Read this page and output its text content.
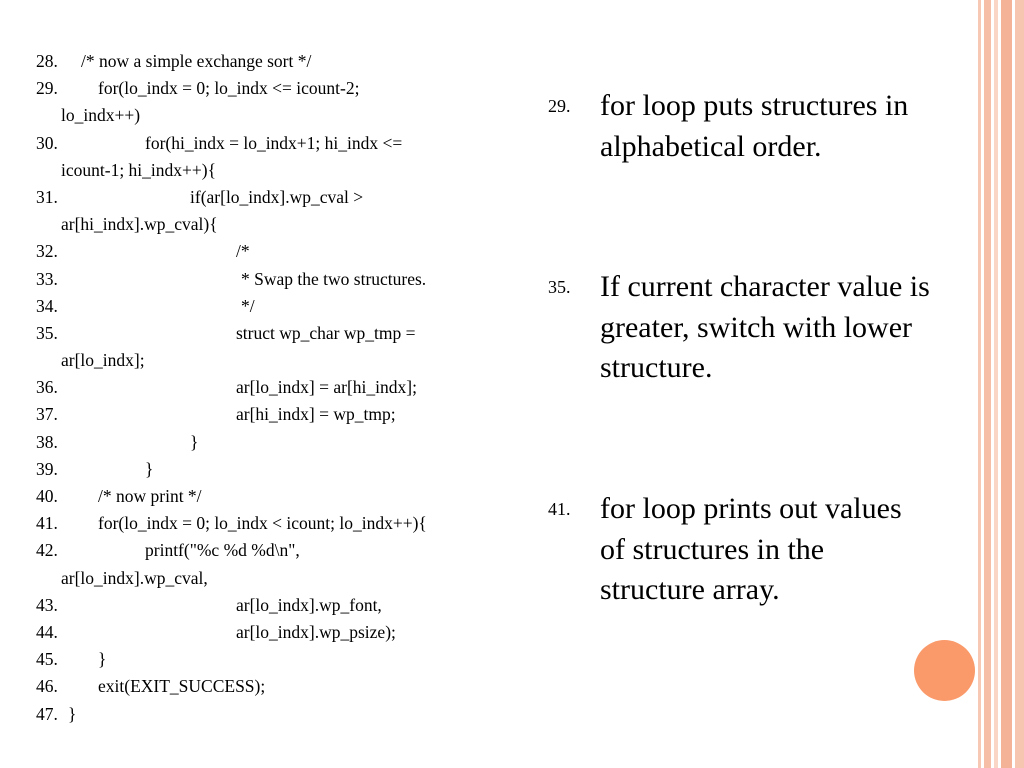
28. /* now a simple exchange sort */
29. for(lo_indx = 0; lo_indx <= icount-2;
lo_indx++)
30.	for(hi_indx = lo_indx+1; hi_indx <=
icount-1; hi_indx++){
31.	if(ar[lo_indx].wp_cval >
ar[hi_indx].wp_cval){
32.	/*
33.	* Swap the two structures.
34.	*/
35.	struct wp_char wp_tmp =
ar[lo_indx];
36.	ar[lo_indx] = ar[hi_indx];
37.	ar[hi_indx] = wp_tmp;
38.	}
39.	}
40. /* now print */
41. for(lo_indx = 0; lo_indx < icount; lo_indx++){
42.	printf("%c %d %d\n",
ar[lo_indx].wp_cval,
43.	ar[lo_indx].wp_font,
44.	ar[lo_indx].wp_psize);
45. }
46. exit(EXIT_SUCCESS);
47. }
29. for loop puts structures in alphabetical order.
35. If current character value is greater, switch with lower structure.
41. for loop prints out values of structures in the structure array.
